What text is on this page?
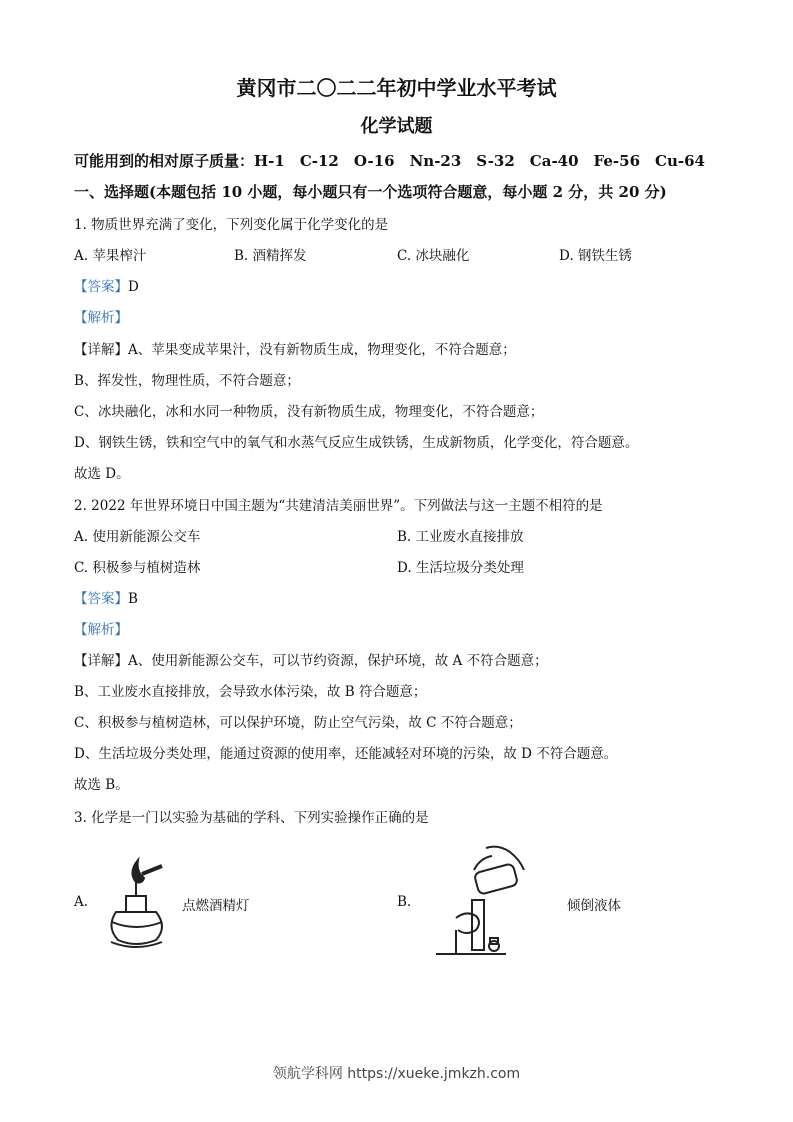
黄冈市二〇二二年初中学业水平考试
化学试题
可能用到的相对原子质量：H-1　C-12　O-16　Nn-23　S-32　Ca-40　Fe-56　Cu-64
一、选择题(本题包括 10 小题，每小题只有一个选项符合题意，每小题 2 分，共 20 分)
1. 物质世界充满了变化，下列变化属于化学变化的是
A. 苹果榨汁	B. 酒精挥发	C. 冰块融化	D. 钢铁生锈
【答案】D
【解析】
【详解】A、苹果变成苹果汁，没有新物质生成，物理变化，不符合题意；
B、挥发性，物理性质，不符合题意；
C、冰块融化，冰和水同一种物质，没有新物质生成，物理变化，不符合题意；
D、钢铁生锈，铁和空气中的氧气和水蒸气反应生成铁锈，生成新物质，化学变化，符合题意。
故选 D。
2. 2022 年世界环境日中国主题为“共建清洁美丽世界”。下列做法与这一主题不相符的是
A. 使用新能源公交车	B. 工业废水直接排放
C. 积极参与植树造林	D. 生活垃圾分类处理
【答案】B
【解析】
【详解】A、使用新能源公交车，可以节约资源，保护环境，故 A 不符合题意；
B、工业废水直接排放，会导致水体污染，故 B 符合题意；
C、积极参与植树造林，可以保护环境，防止空气污染，故 C 不符合题意；
D、生活垃圾分类处理，能通过资源的使用率，还能减轻对环境的污染，故 D 不符合题意。
故选 B。
3. 化学是一门以实验为基础的学科、下列实验操作正确的是
A.	点燃酒精灯	B.	倾倒液体
领航学科网 https://xueke.jmkzh.com
